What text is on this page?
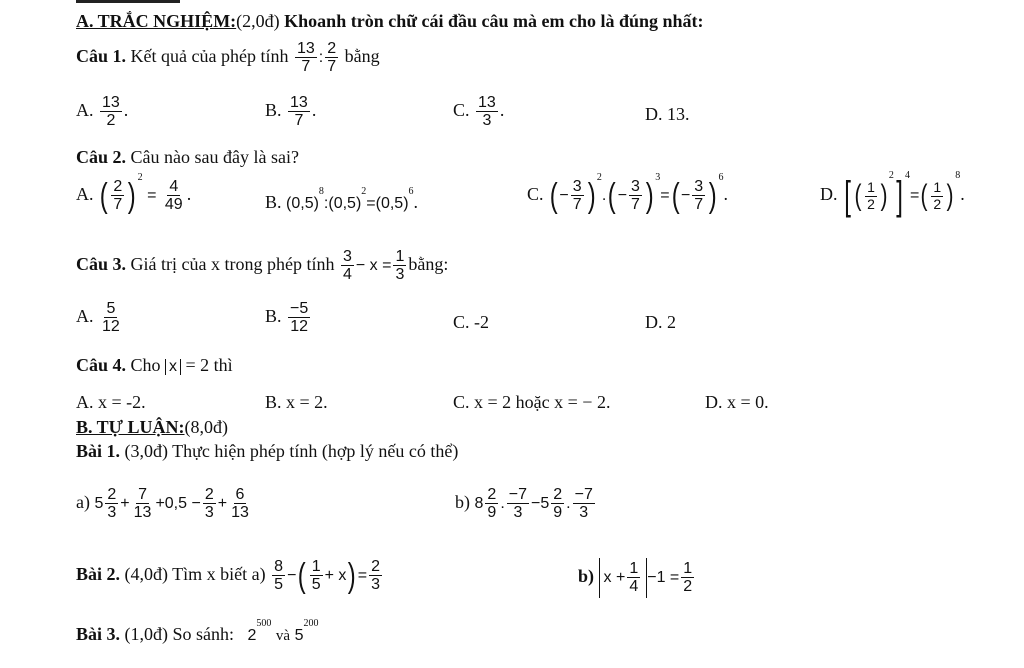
A. TRẮC NGHIỆM:(2,0đ) Khoanh tròn chữ cái đầu câu mà em cho là đúng nhất:
Câu 1. Kết quả của phép tính $\frac{13}{7}$ : $\frac{2}{7}$ bằng
A. $\frac{13}{2}$ .	B. $\frac{13}{7}$ .	C. $\frac{13}{3}$ .	D. 13.
Câu 2. Câu nào sau đây là sai?
A. ( $\frac{2}{7}$ ) $^2 = \frac{4}{49}$ .	B. $(0,5)^8:(0,5)^2=(0,5)^6$.	C. ( − $\frac{3}{7}$ ) $^2.( - \frac{3}{7}$ ) $^3=( - \frac{3}{7}$ ) $^6$.	D. [ ( $\frac{1}{2} )^2$] $^4=( \frac{1}{2} )^8$.
Câu 3. Giá trị của x trong phép tính $\frac{3}{4} - x = \frac{1}{3}$ bằng:
A. $\frac{5}{12}$	B. $\frac{-5}{12}$	C. -2	D. 2
Câu 4. Cho x = 2 thì
A. x = -2.	B. x = 2.	C. x = 2 hoặc x = − 2.	D. x = 0.
B. TỰ LUẬN:(8,0đ)
Bài 1. (3,0đ) Thực hiện phép tính (hợp lý nếu có thể)
a) $5 \frac{2}{3} + \frac{7}{13} +0,5 - \frac{2}{3} + \frac{6}{13}$	b) $8 \frac{2}{9}$ . $\frac{-7}{3} -5 \frac{2}{9}$ . $\frac{-7}{3}$
Bài 2. (4,0đ) Tìm x biết $a) \frac{8}{5}$ −( $\frac{1}{5} + x) = \frac{2}{3}$	b) $x + \frac{1}{4} -1 = \frac{1}{2}$
Bài 3. (1,0đ) So sánh: $2^{500}$ và $5^{200}$
